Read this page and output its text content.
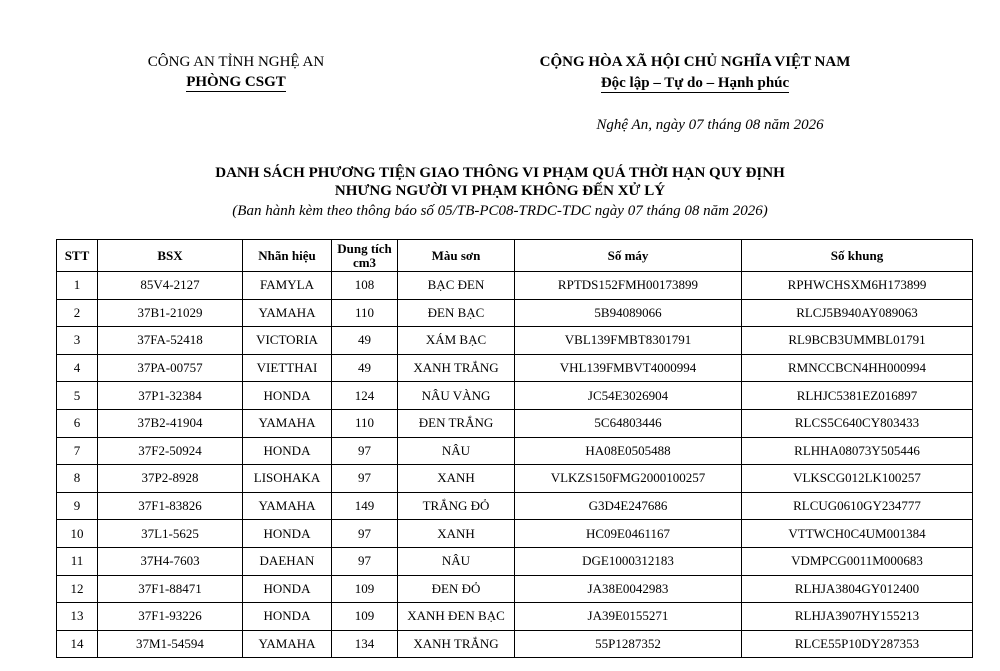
CÔNG AN TỈNH NGHỆ AN
PHÒNG CSGT
CỘNG HÒA XÃ HỘI CHỦ NGHĨA VIỆT NAM
Độc lập – Tự do – Hạnh phúc
Nghệ An, ngày 07 tháng 08 năm 2026
DANH SÁCH PHƯƠNG TIỆN GIAO THÔNG VI PHẠM QUÁ THỜI HẠN QUY ĐỊNH
NHƯNG NGƯỜI VI PHẠM KHÔNG ĐẾN XỬ LÝ
(Ban hành kèm theo thông báo số 05/TB-PC08-TRDC-TDC ngày 07 tháng 08 năm 2026)
STT	BSX	Nhãn hiệu	Dung tích cm3	Màu sơn	Số máy	Số khung
1	85V4-2127	FAMYLA	108	BẠC ĐEN	RPTDS152FMH00173899	RPHWCHSXM6H173899
2	37B1-21029	YAMAHA	110	ĐEN BẠC	5B94089066	RLCJ5B940AY089063
3	37FA-52418	VICTORIA	49	XÁM BẠC	VBL139FMBT8301791	RL9BCB3UMMBL01791
4	37PA-00757	VIETTHAI	49	XANH TRẮNG	VHL139FMBVT4000994	RMNCCBCN4HH000994
5	37P1-32384	HONDA	124	NÂU VÀNG	JC54E3026904	RLHJC5381EZ016897
6	37B2-41904	YAMAHA	110	ĐEN TRẮNG	5C64803446	RLCS5C640CY803433
7	37F2-50924	HONDA	97	NÂU	HA08E0505488	RLHHA08073Y505446
8	37P2-8928	LISOHAKA	97	XANH	VLKZS150FMG2000100257	VLKSCG012LK100257
9	37F1-83826	YAMAHA	149	TRẮNG ĐỎ	G3D4E247686	RLCUG0610GY234777
10	37L1-5625	HONDA	97	XANH	HC09E0461167	VTTWCH0C4UM001384
11	37H4-7603	DAEHAN	97	NÂU	DGE1000312183	VDMPCG0011M000683
12	37F1-88471	HONDA	109	ĐEN ĐỎ	JA38E0042983	RLHJA3804GY012400
13	37F1-93226	HONDA	109	XANH ĐEN BẠC	JA39E0155271	RLHJA3907HY155213
14	37M1-54594	YAMAHA	134	XANH TRẮNG	55P1287352	RLCE55P10DY287353
